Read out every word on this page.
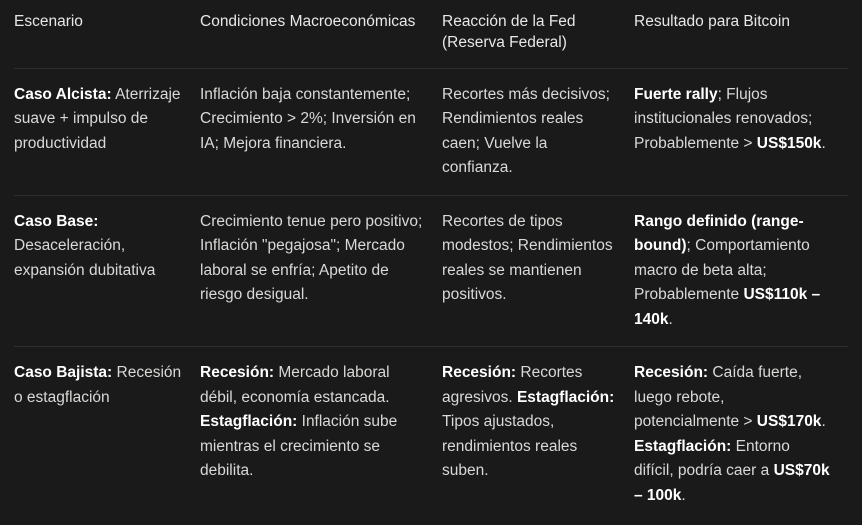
Escenario	Condiciones Macroeconómicas	Reacción de la Fed (Reserva Federal)	Resultado para Bitcoin
Caso Alcista: Aterrizaje suave + impulso de productividad	Inflación baja constantemente; Crecimiento > 2%; Inversión en IA; Mejora financiera.	Recortes más decisivos; Rendimientos reales caen; Vuelve la confianza.	Fuerte rally; Flujos institucionales renovados; Probablemente > US$150k.
Caso Base: Desaceleración, expansión dubitativa	Crecimiento tenue pero positivo; Inflación "pegajosa"; Mercado laboral se enfría; Apetito de riesgo desigual.	Recortes de tipos modestos; Rendimientos reales se mantienen positivos.	Rango definido (range-bound); Comportamiento macro de beta alta; Probablemente US$110k – 140k.
Caso Bajista: Recesión o estagflación	Recesión: Mercado laboral débil, economía estancada. Estagflación: Inflación sube mientras el crecimiento se debilita.	Recesión: Recortes agresivos. Estagflación: Tipos ajustados, rendimientos reales suben.	Recesión: Caída fuerte, luego rebote, potencialmente > US$170k. Estagflación: Entorno difícil, podría caer a US$70k – 100k.
